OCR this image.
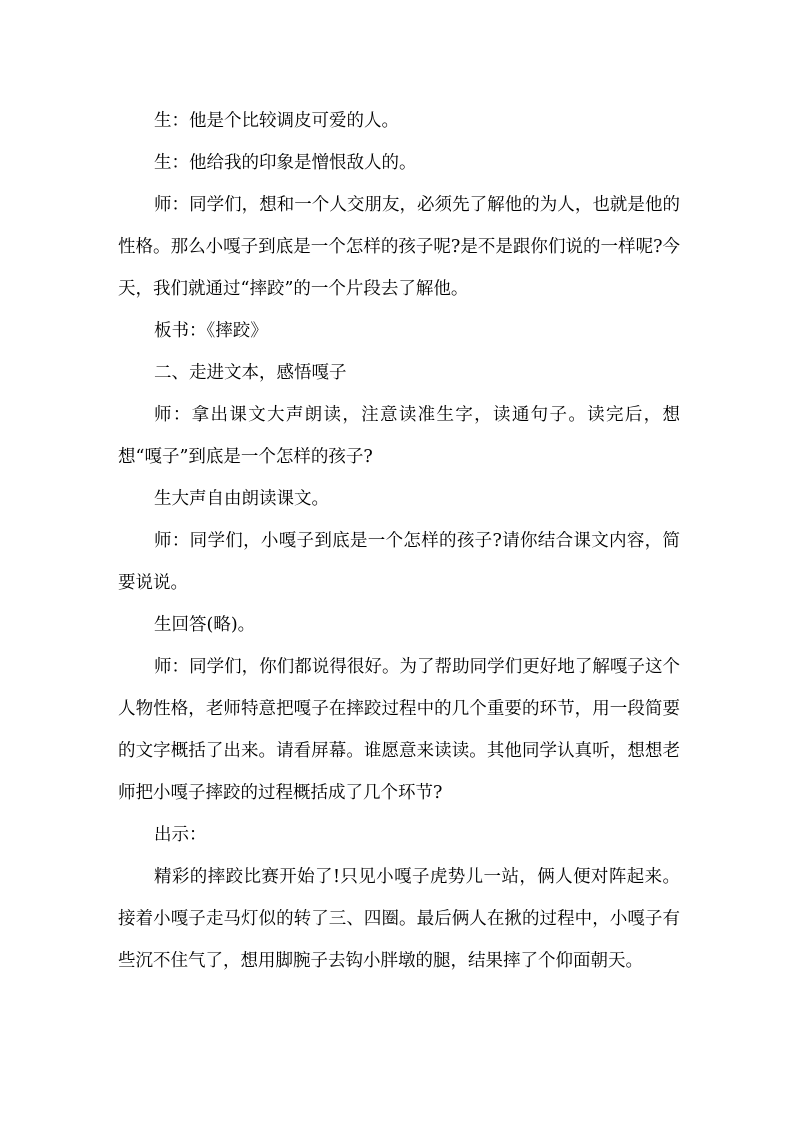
生：他是个比较调皮可爱的人。

生：他给我的印象是憎恨敌人的。

师：同学们，想和一个人交朋友，必须先了解他的为人，也就是他的性格。那么小嘎子到底是一个怎样的孩子呢?是不是跟你们说的一样呢?今天，我们就通过“摔跤”的一个片段去了解他。

板书：《摔跤》

二、走进文本，感悟嘎子

师：拿出课文大声朗读，注意读准生字，读通句子。读完后，想想“嘎子”到底是一个怎样的孩子?

生大声自由朗读课文。

师：同学们，小嘎子到底是一个怎样的孩子?请你结合课文内容，简要说说。

生回答(略)。

师：同学们，你们都说得很好。为了帮助同学们更好地了解嘎子这个人物性格，老师特意把嘎子在摔跤过程中的几个重要的环节，用一段简要的文字概括了出来。请看屏幕。谁愿意来读读。其他同学认真听，想想老师把小嘎子摔跤的过程概括成了几个环节?

出示：

精彩的摔跤比赛开始了!只见小嘎子虎势儿一站，俩人便对阵起来。接着小嘎子走马灯似的转了三、四圈。最后俩人在揪的过程中，小嘎子有些沉不住气了，想用脚腕子去钩小胖墩的腿，结果摔了个仰面朝天。
